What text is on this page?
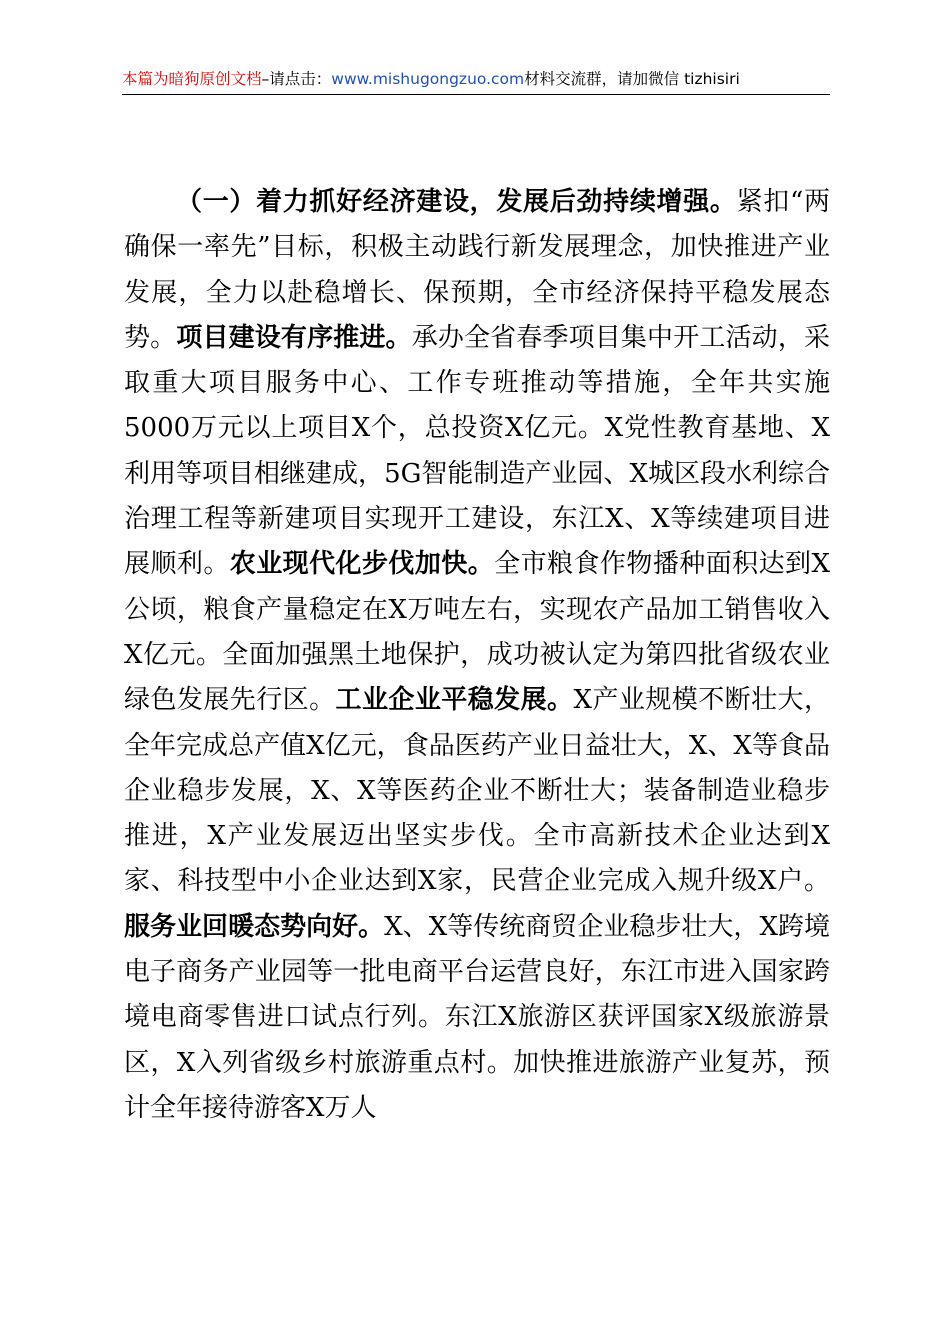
本篇为暗狗原创文档–请点击：www.mishugongzuo.com材料交流群，请加微信 tizhisiri

（一）着力抓好经济建设，发展后劲持续增强。紧扣“两确保一率先”目标，积极主动践行新发展理念，加快推进产业发展，全力以赴稳增长、保预期，全市经济保持平稳发展态势。项目建设有序推进。承办全省春季项目集中开工活动，采取重大项目服务中心、工作专班推动等措施，全年共实施5000万元以上项目X个，总投资X亿元。X党性教育基地、X利用等项目相继建成，5G智能制造产业园、X城区段水利综合治理工程等新建项目实现开工建设，东江X、X等续建项目进展顺利。农业现代化步伐加快。全市粮食作物播种面积达到X公顷，粮食产量稳定在X万吨左右，实现农产品加工销售收入X亿元。全面加强黑土地保护，成功被认定为第四批省级农业绿色发展先行区。工业企业平稳发展。X产业规模不断壮大，全年完成总产值X亿元，食品医药产业日益壮大，X、X等食品企业稳步发展，X、X等医药企业不断壮大；装备制造业稳步推进，X产业发展迈出坚实步伐。全市高新技术企业达到X家、科技型中小企业达到X家，民营企业完成入规升级X户。服务业回暖态势向好。X、X等传统商贸企业稳步壮大，X跨境电子商务产业园等一批电商平台运营良好，东江市进入国家跨境电商零售进口试点行列。东江X旅游区获评国家X级旅游景区，X入列省级乡村旅游重点村。加快推进旅游产业复苏，预计全年接待游客X万人
